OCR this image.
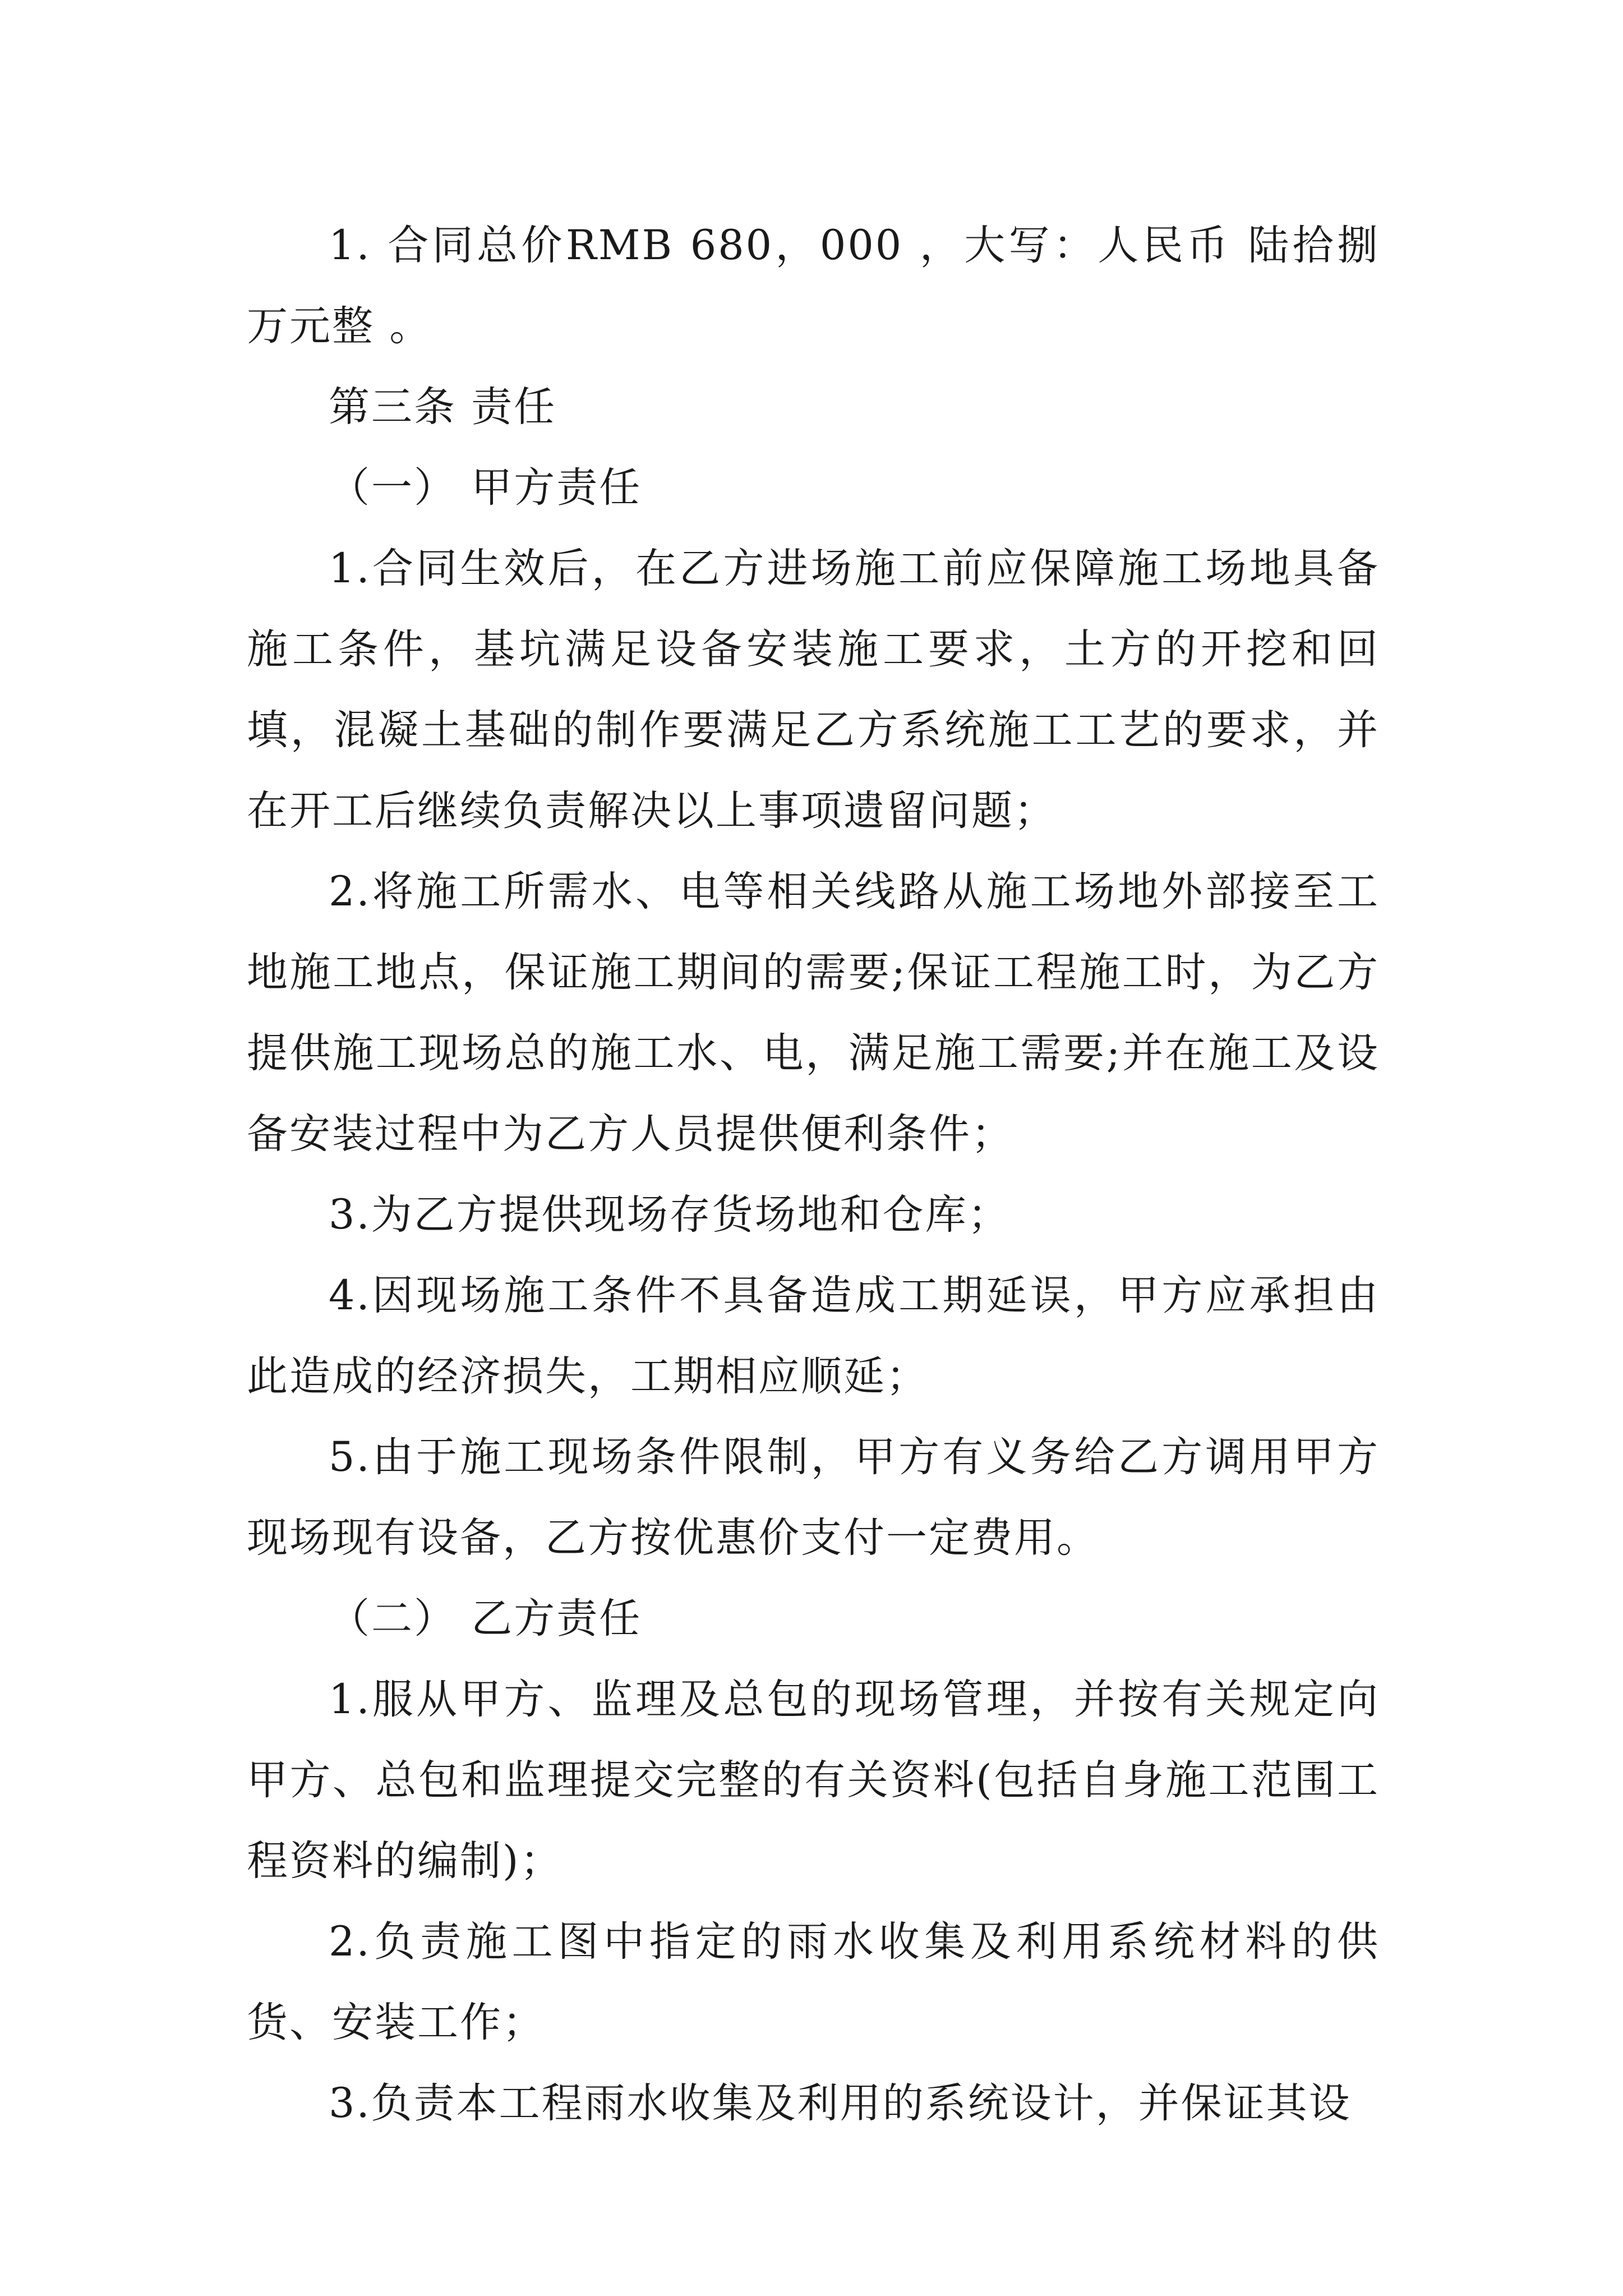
1. 合同总价RMB 680，000 ，大写：人民币 陆拾捌万元整 。

第三条 责任

（一） 甲方责任

1.合同生效后，在乙方进场施工前应保障施工场地具备施工条件，基坑满足设备安装施工要求，土方的开挖和回填，混凝土基础的制作要满足乙方系统施工工艺的要求，并在开工后继续负责解决以上事项遗留问题；

2.将施工所需水、电等相关线路从施工场地外部接至工地施工地点，保证施工期间的需要;保证工程施工时，为乙方提供施工现场总的施工水、电，满足施工需要;并在施工及设备安装过程中为乙方人员提供便利条件；

3.为乙方提供现场存货场地和仓库；

4.因现场施工条件不具备造成工期延误，甲方应承担由此造成的经济损失，工期相应顺延；

5.由于施工现场条件限制，甲方有义务给乙方调用甲方现场现有设备，乙方按优惠价支付一定费用。

（二） 乙方责任

1.服从甲方、监理及总包的现场管理，并按有关规定向甲方、总包和监理提交完整的有关资料(包括自身施工范围工程资料的编制)；

2.负责施工图中指定的雨水收集及利用系统材料的供货、安装工作；

3.负责本工程雨水收集及利用的系统设计，并保证其设
